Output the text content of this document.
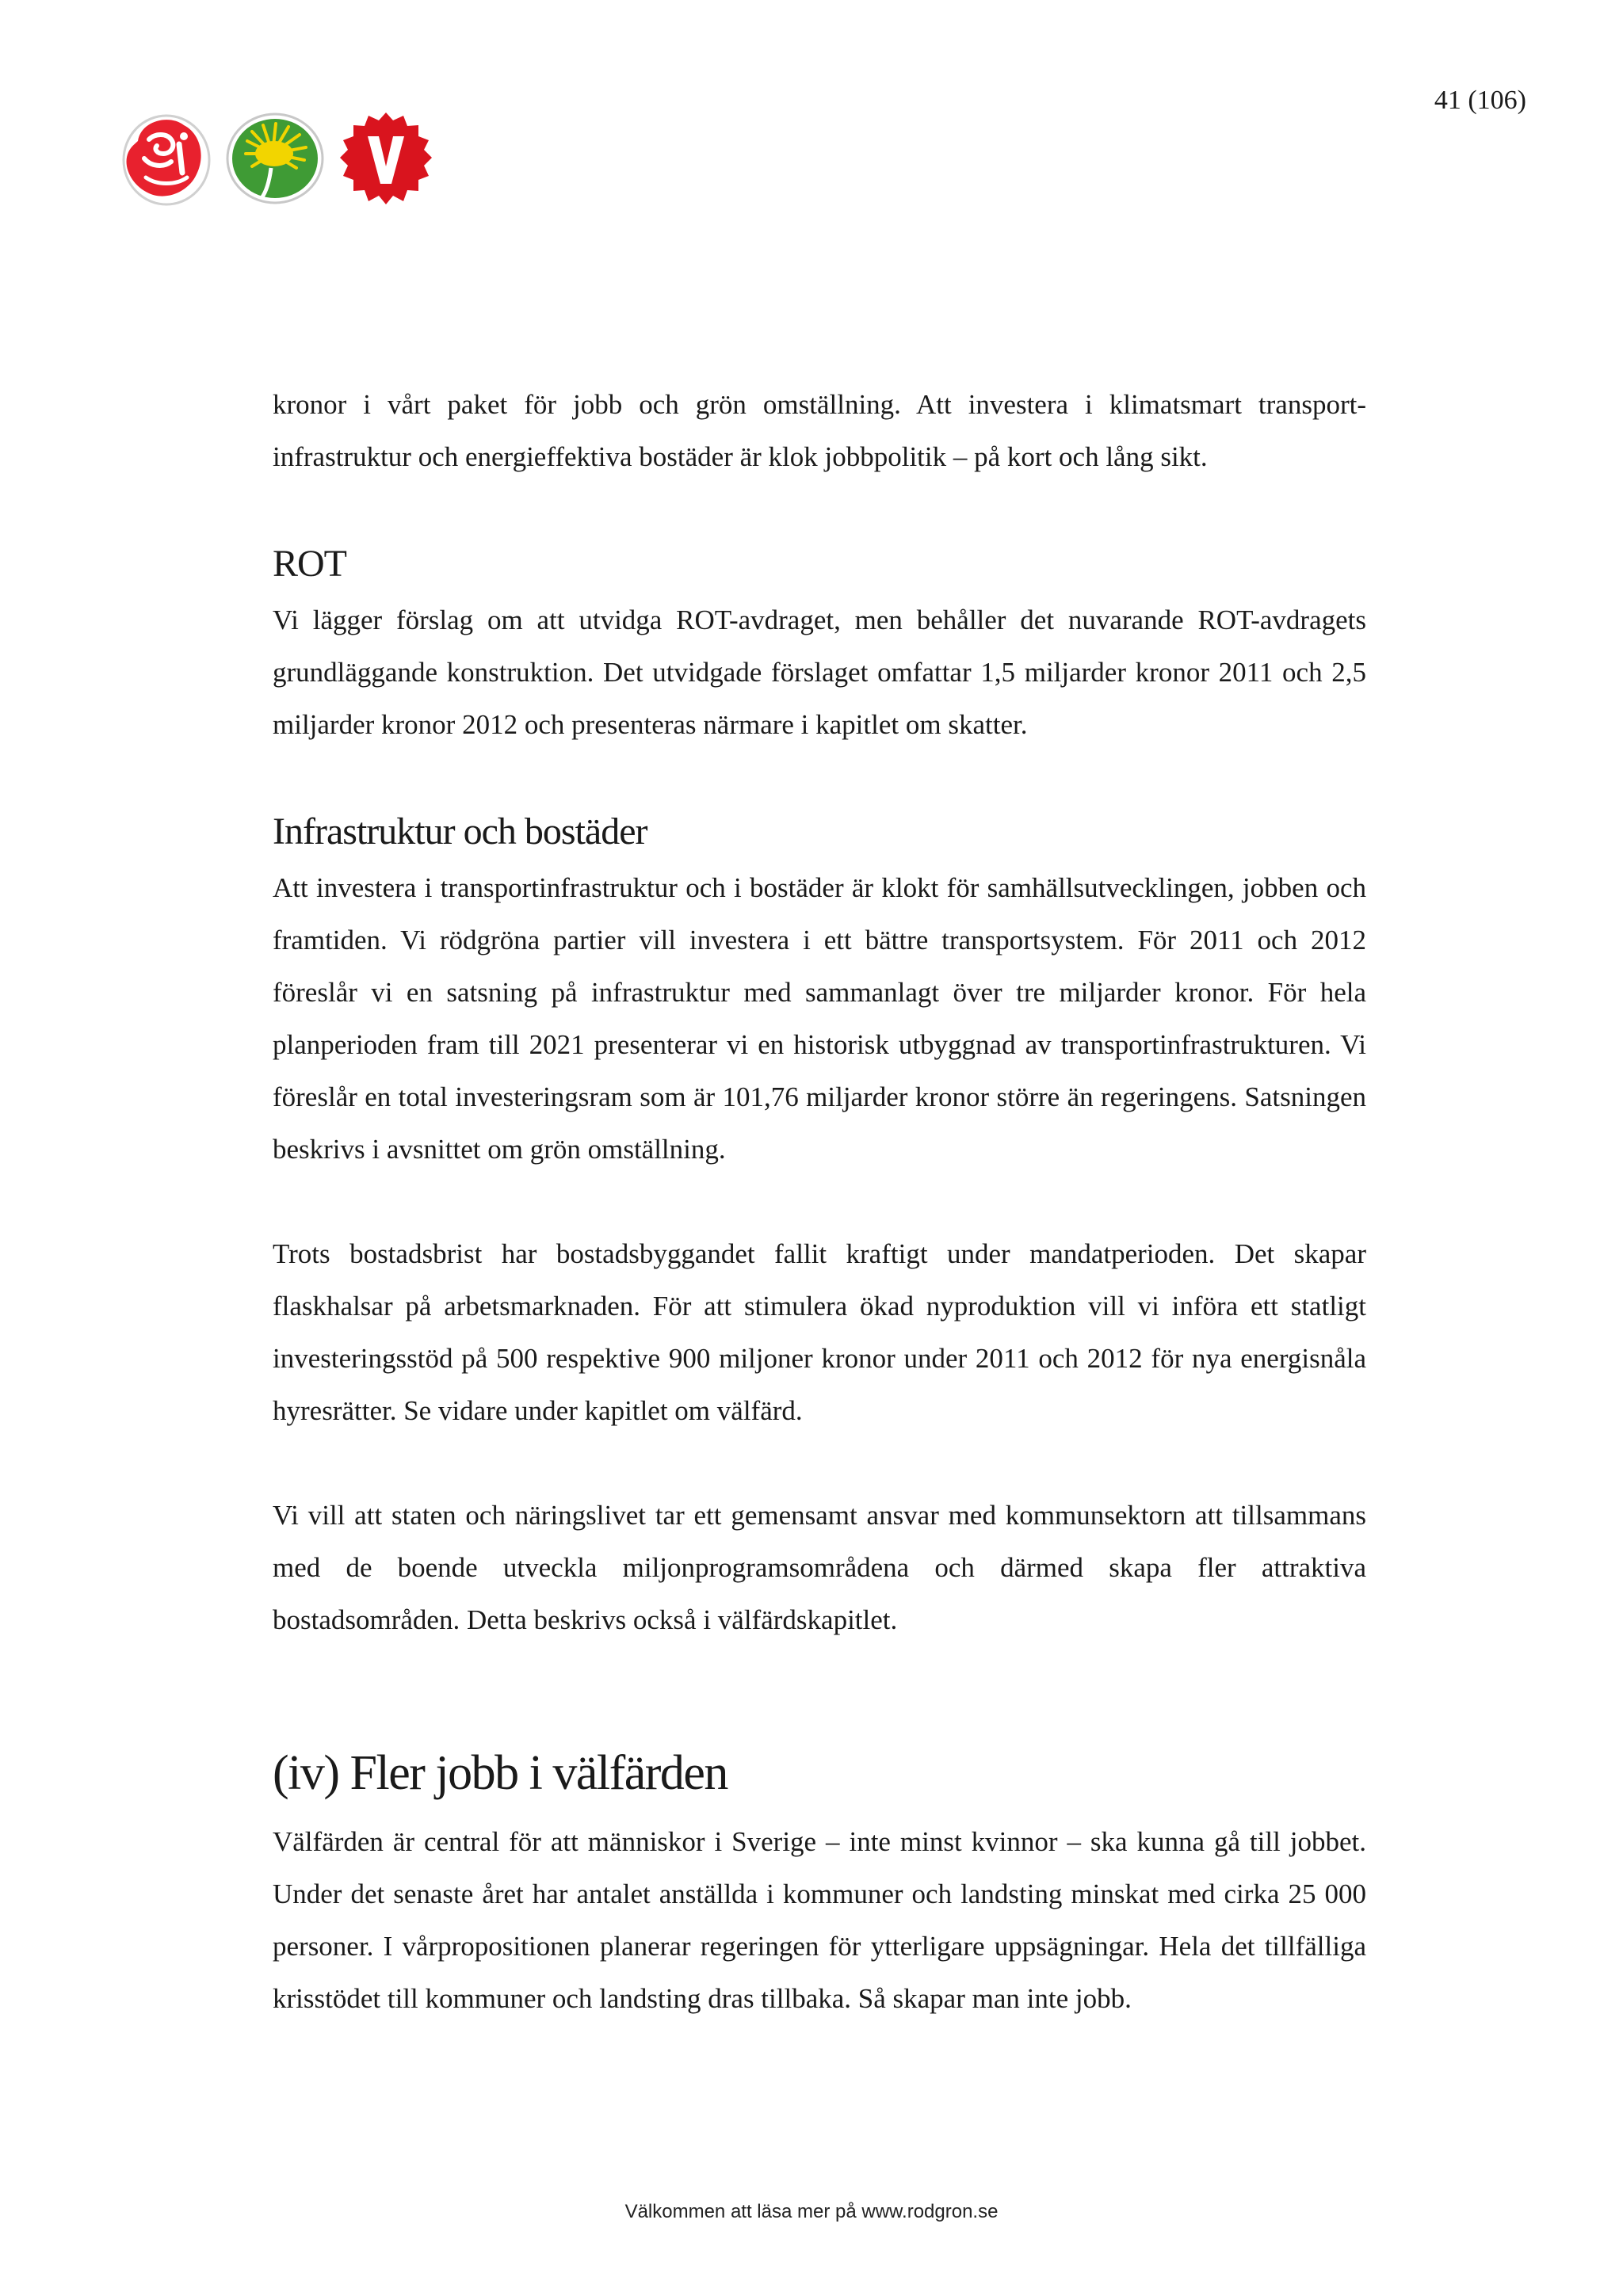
41 (106)

kronor i vårt paket för jobb och grön omställning. Att investera i klimatsmart transport-infrastruktur och energieffektiva bostäder är klok jobbpolitik – på kort och lång sikt.

ROT

Vi lägger förslag om att utvidga ROT-avdraget, men behåller det nuvarande ROT-avdragets grundläggande konstruktion. Det utvidgade förslaget omfattar 1,5 miljarder kronor 2011 och 2,5 miljarder kronor 2012 och presenteras närmare i kapitlet om skatter.

Infrastruktur och bostäder

Att investera i transportinfrastruktur och i bostäder är klokt för samhällsutvecklingen, jobben och framtiden. Vi rödgröna partier vill investera i ett bättre transportsystem. För 2011 och 2012 föreslår vi en satsning på infrastruktur med sammanlagt över tre miljarder kronor. För hela planperioden fram till 2021 presenterar vi en historisk utbyggnad av transportinfrastrukturen. Vi föreslår en total investeringsram som är 101,76 miljarder kronor större än regeringens. Satsningen beskrivs i avsnittet om grön omställning.

Trots bostadsbrist har bostadsbyggandet fallit kraftigt under mandatperioden. Det skapar flaskhalsar på arbetsmarknaden. För att stimulera ökad nyproduktion vill vi införa ett statligt investeringsstöd på 500 respektive 900 miljoner kronor under 2011 och 2012 för nya energisnåla hyresrätter. Se vidare under kapitlet om välfärd.

Vi vill att staten och näringslivet tar ett gemensamt ansvar med kommunsektorn att tillsammans med de boende utveckla miljonprogramsområdena och därmed skapa fler attraktiva bostadsområden. Detta beskrivs också i välfärdskapitlet.

(iv) Fler jobb i välfärden

Välfärden är central för att människor i Sverige – inte minst kvinnor – ska kunna gå till jobbet. Under det senaste året har antalet anställda i kommuner och landsting minskat med cirka 25 000 personer. I vårpropositionen planerar regeringen för ytterligare uppsägningar. Hela det tillfälliga krisstödet till kommuner och landsting dras tillbaka. Så skapar man inte jobb.

Välkommen att läsa mer på www.rodgron.se
